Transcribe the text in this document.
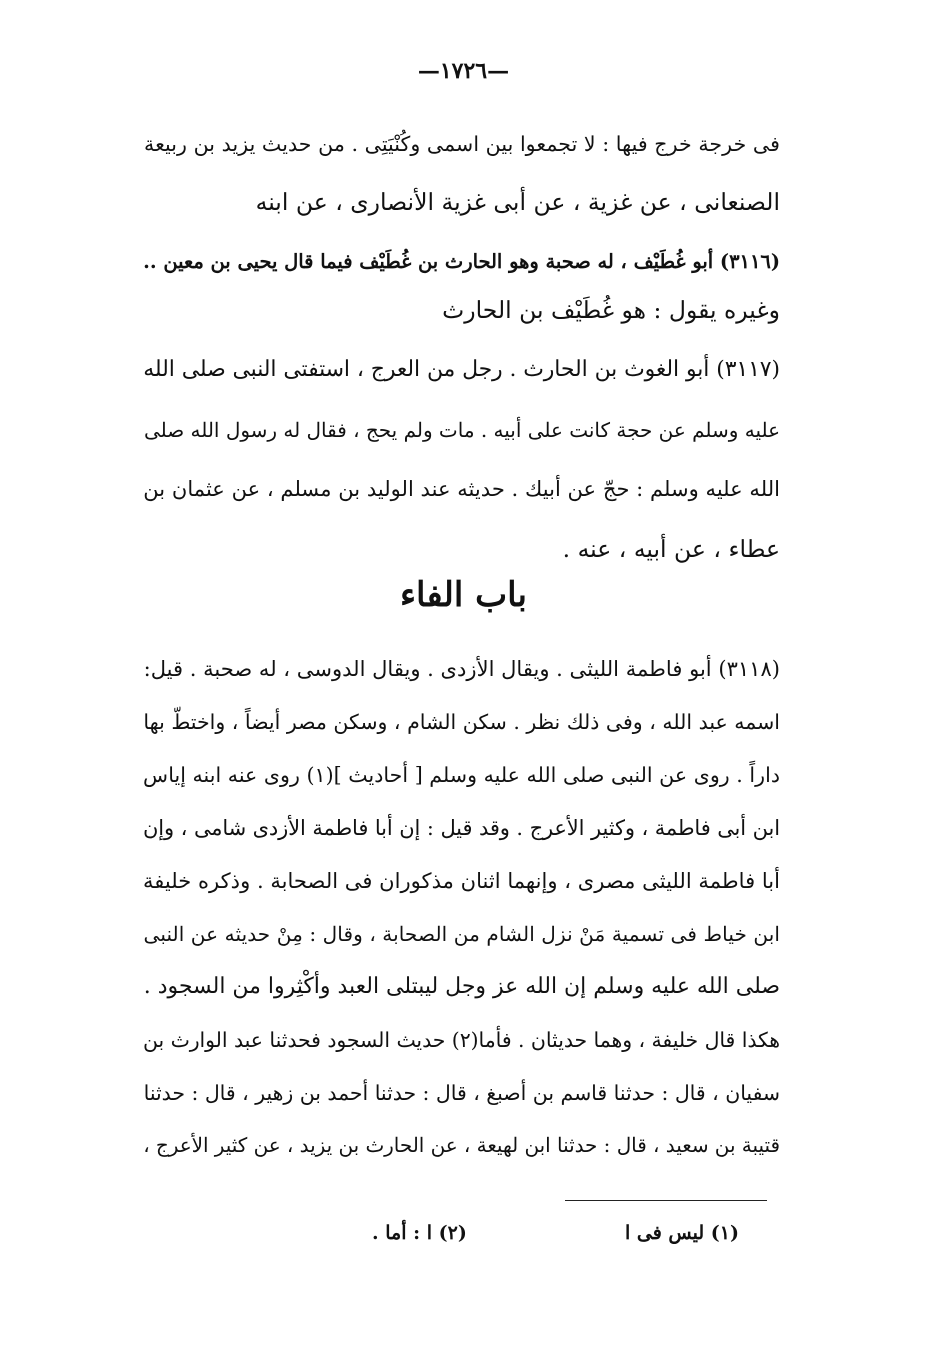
—١٧٢٦—
فى خرجة خرج فيها : لا تجمعوا بين اسمى وكُنْيَتِى . من حديث يزيد بن ربيعة
الصنعانى ، عن غزية ، عن أبى غزية الأنصارى ، عن ابنه
(٣١١٦) أبو غُطَيْف ، له صحبة وهو الحارث بن غُطَيْف فيما قال يحيى بن معين ..
وغيره يقول : هو غُطَيْف بن الحارث
(٣١١٧) أبو الغوث بن الحارث . رجل من العرج ، استفتى النبى صلى الله
عليه وسلم عن حجة كانت على أبيه . مات ولم يحج ، فقال له رسول الله صلى
الله عليه وسلم : حجّ عن أبيك . حديثه عند الوليد بن مسلم ، عن عثمان بن
عطاء ، عن أبيه ، عنه .
باب الفاء
(٣١١٨) أبو فاطمة الليثى . ويقال الأزدى . ويقال الدوسى ، له صحبة . قيل:
اسمه عبد الله ، وفى ذلك نظر . سكن الشام ، وسكن مصر أيضاً ، واختطّ بها
داراً . روى عن النبى صلى الله عليه وسلم [ أحاديث ](١) روى عنه ابنه إياس
ابن أبى فاطمة ، وكثير الأعرج . وقد قيل : إن أبا فاطمة الأزدى شامى ، وإن
أبا فاطمة الليثى مصرى ، وإنهما اثنان مذكوران فى الصحابة . وذكره خليفة
ابن خياط فى تسمية مَنْ نزل الشام من الصحابة ، وقال : مِنْ حديثه عن النبى
صلى الله عليه وسلم إن الله عز وجل ليبتلى العبد وأكْثِروا من السجود .
هكذا قال خليفة ، وهما حديثان . فأما(٢) حديث السجود فحدثنا عبد الوارث بن
سفيان ، قال : حدثنا قاسم بن أصبغ ، قال : حدثنا أحمد بن زهير ، قال : حدثنا
قتيبة بن سعيد ، قال : حدثنا ابن لهيعة ، عن الحارث بن يزيد ، عن كثير الأعرج ،
(١) ليس فى ا
(٢) ا : أما .
